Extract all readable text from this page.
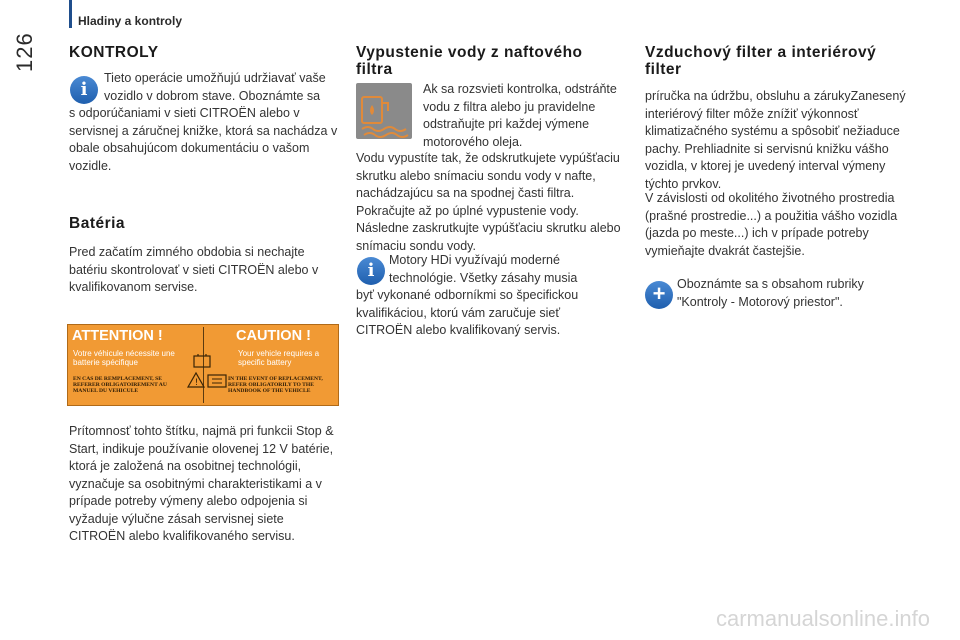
Hladiny a kontroly
126 KONTROLY
i
Tieto operácie umožňujú udržiavať vaše
vozidlo v dobrom stave. Oboznámte sa
s odporúčaniami v sieti CITROËN alebo v servisnej a záručnej knižke, ktorá sa nachádza v obale obsahujúcom dokumentáciu o vašom vozidle.
Batéria
Pred začatím zimného obdobia si nechajte batériu skontrolovať v sieti CITROËN alebo v kvalifikovanom servise.
ATTENTION !	CAUTION !
Votre véhicule nécessite une batterie spécifique
Your vehicle requires a specific battery
!
EN CAS DE REMPLACEMENT, SE REFERER OBLIGATOIREMENT AU MANUEL DU VEHICULE
IN THE EVENT OF REPLACEMENT, REFER OBLIGATORILY TO THE HANDBOOK OF THE VEHICLE
Prítomnosť tohto štítku, najmä pri funkcii Stop & Start, indikuje používanie olovenej 12 V batérie, ktorá je založená na osobitnej technológii, vyznačuje sa osobitnými charakteristikami a v prípade potreby výmeny alebo odpojenia si vyžaduje výlučne zásah servisnej siete CITROËN alebo kvalifikovaného servisu.
Vypustenie vody z naftového filtra
Ak sa rozsvieti kontrolka, odstráňte vodu z filtra alebo ju pravidelne odstraňujte pri každej výmene motorového oleja.
Vodu vypustíte tak, že odskrutkujete vypúšťaciu skrutku alebo snímaciu sondu vody v nafte, nachádzajúcu sa na spodnej časti filtra. Pokračujte až po úplné vypustenie vody. Následne zaskrutkujte vypúšťaciu skrutku alebo snímaciu sondu vody.
i	Motory HDi využívajú moderné
technológie. Všetky zásahy musia
byť vykonané odborníkmi so špecifickou kvalifikáciou, ktorú vám zaručuje sieť CITROËN alebo kvalifikovaný servis.
Vzduchový filter a interiérový filter
príručka na údržbu, obsluhu a zárukyZanesený interiérový filter môže znížiť výkonnosť klimatizačného systému a spôsobiť nežiaduce pachy. Prehliadnite si servisnú knižku vášho vozidla, v ktorej je uvedený interval výmeny týchto prvkov.
V závislosti od okolitého životného prostredia (prašné prostredie...) a použitia vášho vozidla (jazda po meste...) ich v prípade potreby vymieňajte dvakrát častejšie.
+ Oboznámte sa s obsahom rubriky "Kontroly - Motorový priestor".
carmanualsonline.info
